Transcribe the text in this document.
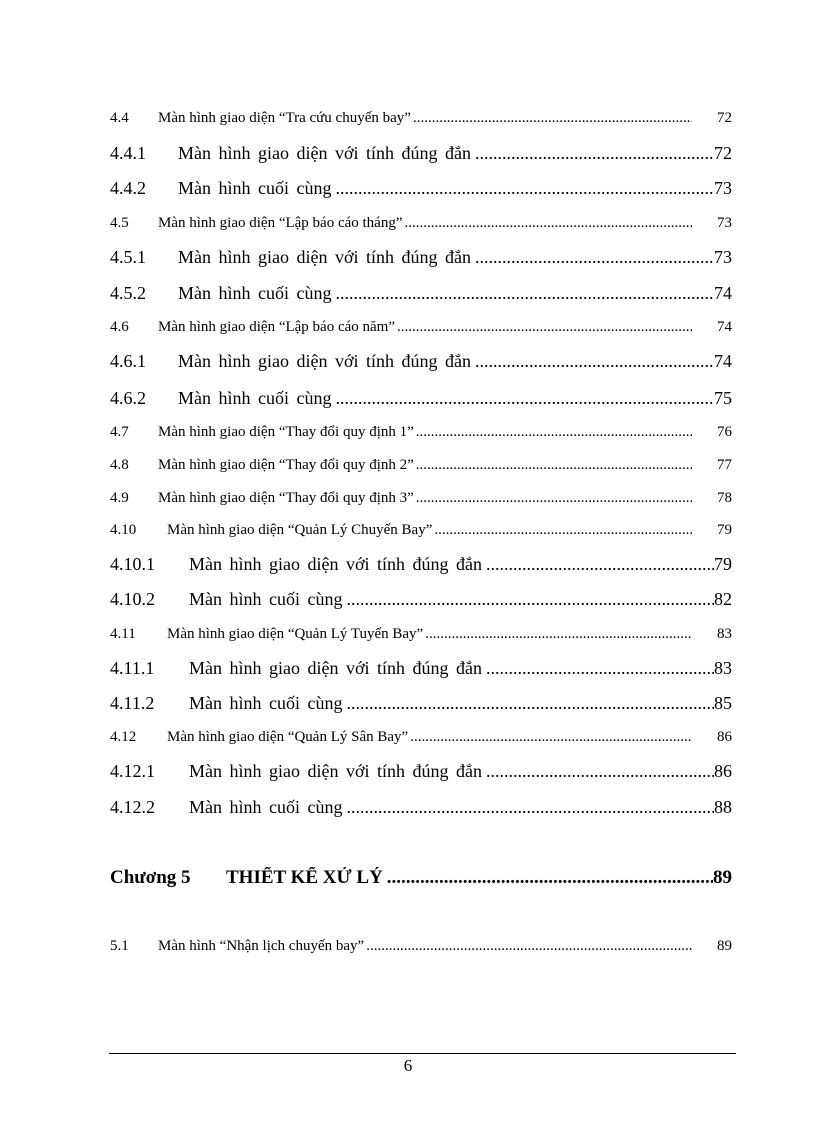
4.4	Màn hình giao diện “Tra cứu chuyến bay” .....	72
4.4.1	Màn hình giao diện với tính đúng đắn .....	72
4.4.2	Màn hình cuối cùng .....	73
4.5	Màn hình giao diện “Lập báo cáo tháng” .....	73
4.5.1	Màn hình giao diện với tính đúng đắn .....	73
4.5.2	Màn hình cuối cùng .....	74
4.6	Màn hình giao diện “Lập báo cáo năm” .....	74
4.6.1	Màn hình giao diện với tính đúng đắn .....	74
4.6.2	Màn hình cuối cùng .....	75
4.7	Màn hình giao diện “Thay đổi quy định 1” .....	76
4.8	Màn hình giao diện “Thay đổi quy định 2” .....	77
4.9	Màn hình giao diện “Thay đổi quy định 3” .....	78
4.10	Màn hình giao diện “Quản Lý Chuyến Bay” .....	79
4.10.1	Màn hình giao diện với tính đúng đắn .....	79
4.10.2	Màn hình cuối cùng .....	82
4.11	Màn hình giao diện “Quản Lý Tuyến Bay” .....	83
4.11.1	Màn hình giao diện với tính đúng đắn .....	83
4.11.2	Màn hình cuối cùng .....	85
4.12	Màn hình giao diện “Quản Lý Sân Bay” .....	86
4.12.1	Màn hình giao diện với tính đúng đắn .....	86
4.12.2	Màn hình cuối cùng .....	88
Chương 5	THIẾT KẾ XỬ LÝ .....	89
5.1	Màn hình “Nhận lịch chuyến bay” .....	89
6
